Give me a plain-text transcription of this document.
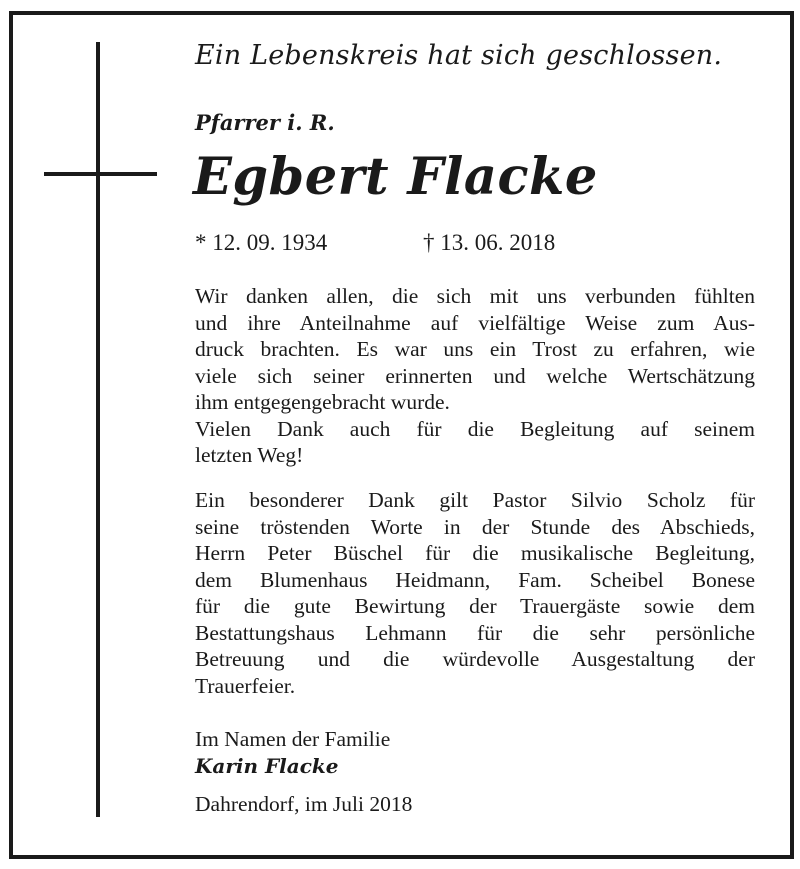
Ein Lebenskreis hat sich geschlossen.
Pfarrer i. R.
Egbert Flacke
* 12. 09. 1934	† 13. 06. 2018
Wir danken allen, die sich mit uns verbunden fühlten
und ihre Anteilnahme auf vielfältige Weise zum Aus-
druck brachten. Es war uns ein Trost zu erfahren, wie
viele sich seiner erinnerten und welche Wertschätzung
ihm entgegengebracht wurde.
Vielen Dank auch für die Begleitung auf seinem
letzten Weg!
Ein besonderer Dank gilt Pastor Silvio Scholz für
seine tröstenden Worte in der Stunde des Abschieds,
Herrn Peter Büschel für die musikalische Begleitung,
dem Blumenhaus Heidmann, Fam. Scheibel Bonese
für die gute Bewirtung der Trauergäste sowie dem
Bestattungshaus Lehmann für die sehr persönliche
Betreuung und die würdevolle Ausgestaltung der
Trauerfeier.
Im Namen der Familie
Karin Flacke
Dahrendorf, im Juli 2018
